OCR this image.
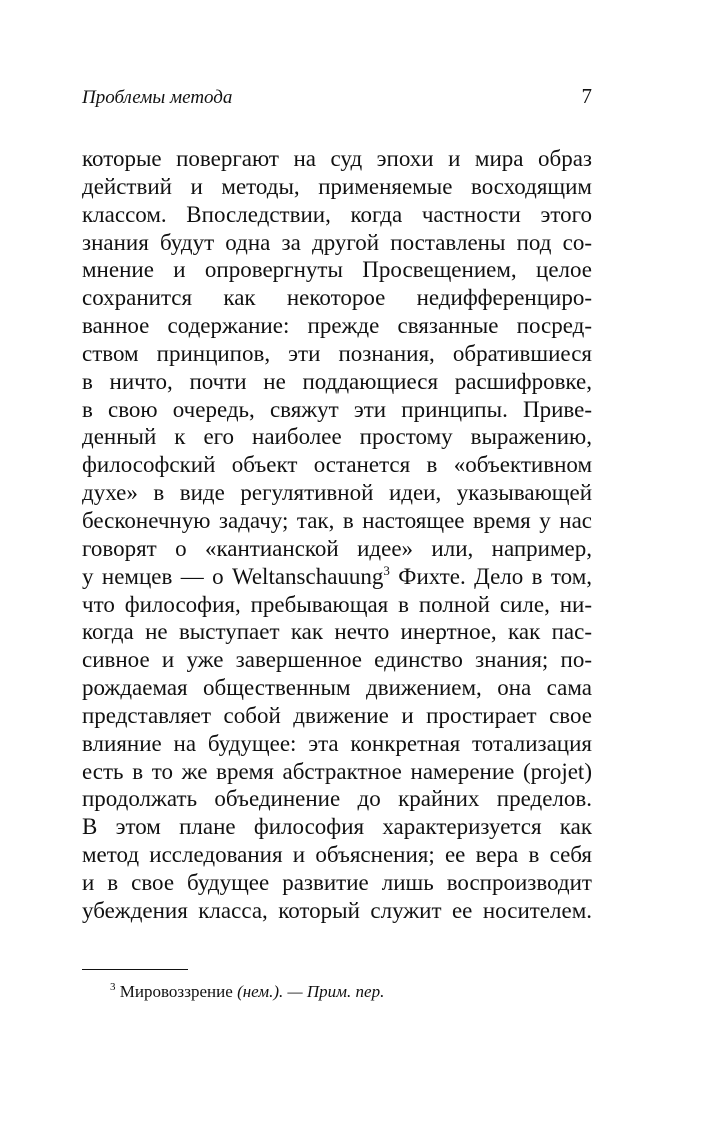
Проблемы метода	7
которые повергают на суд эпохи и мира образ
действий и методы, применяемые восходящим
классом. Впоследствии, когда частности этого
знания будут одна за другой поставлены под со-
мнение и опровергнуты Просвещением, целое
сохранится как некоторое недифференциро-
ванное содержание: прежде связанные посред-
ством принципов, эти познания, обратившиеся
в ничто, почти не поддающиеся расшифровке,
в свою очередь, свяжут эти принципы. Приве-
денный к его наиболее простому выражению,
философский объект останется в «объективном
духе» в виде регулятивной идеи, указывающей
бесконечную задачу; так, в настоящее время у нас
говорят о «кантианской идее» или, например,
у немцев — о Weltanschauung$^3$ Фихте. Дело в том,
что философия, пребывающая в полной силе, ни-
когда не выступает как нечто инертное, как пас-
сивное и уже завершенное единство знания; по-
рождаемая общественным движением, она сама
представляет собой движение и простирает свое
влияние на будущее: эта конкретная тотализация
есть в то же время абстрактное намерение (projet)
продолжать объединение до крайних пределов.
В этом плане философия характеризуется как
метод исследования и объяснения; ее вера в себя
и в свое будущее развитие лишь воспроизводит
убеждения класса, который служит ее носителем.
$^3$ Мировоззрение (нем.). — Прим. пер.
